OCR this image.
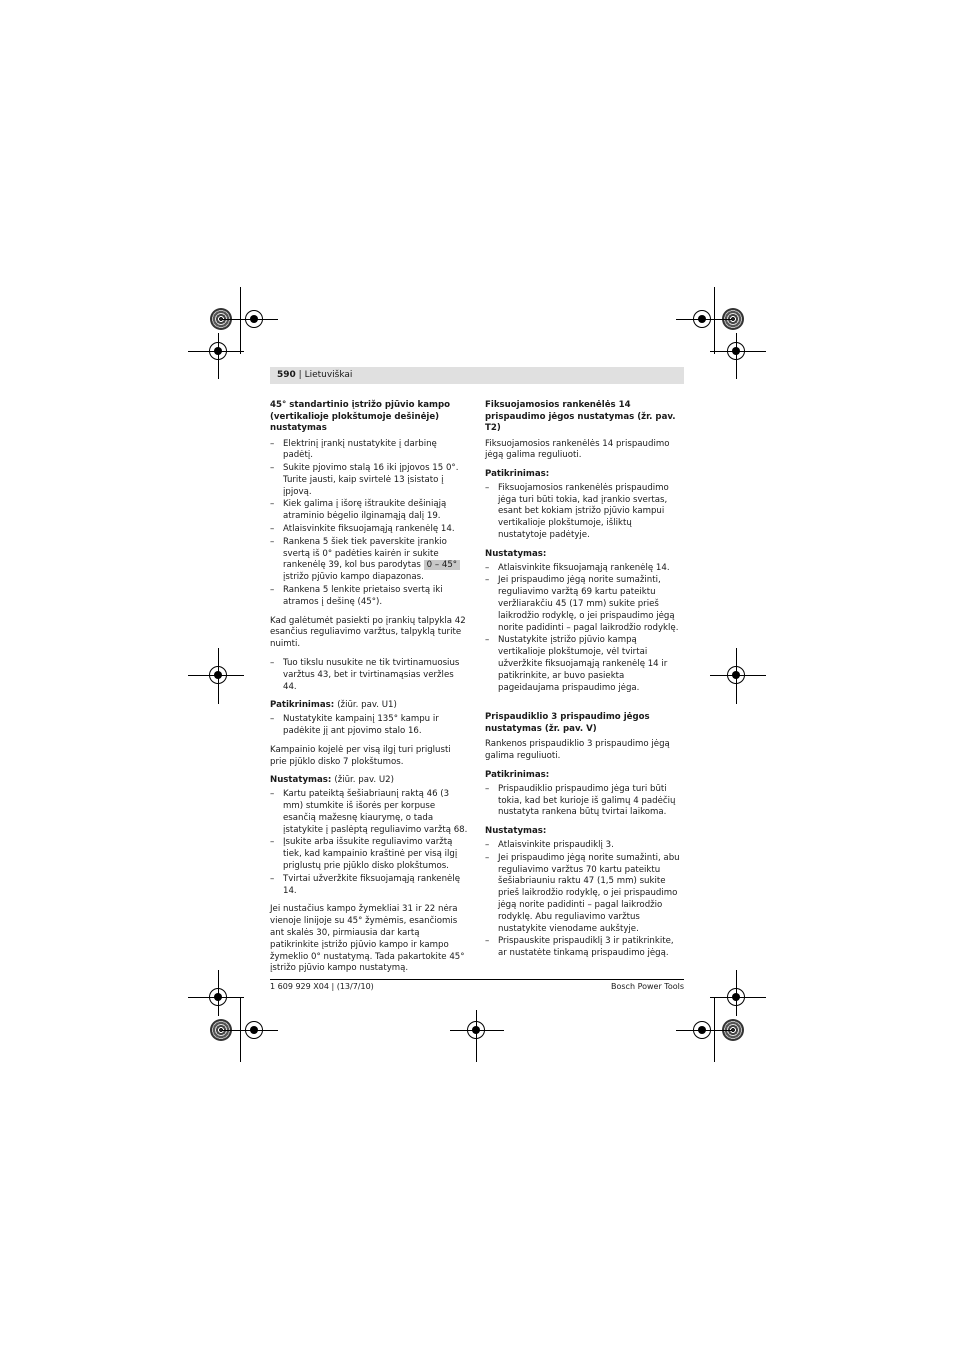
590 | Lietuviškai
45° standartinio įstrižo pjūvio kampo (vertikalioje plokštumoje dešinėje) nustatymas
– Elektrinį įrankį nustatykite į darbinę padėtį.
– Sukite pjovimo stalą 16 iki įpjovos 15 0°. Turite jausti, kaip svirtelė 13 įsistato į įpjovą.
– Kiek galima į išorę ištraukite dešiniąją atraminio bėgelio ilginamąją dalį 19.
– Atlaisvinkite fiksuojamąją rankenėlę 14.
– Rankena 5 šiek tiek paverskite įrankio svertą iš 0° padėties kairėn ir sukite rankenėlę 39, kol bus parodytas 0 – 45° įstrižo pjūvio kampo diapazonas.
– Rankena 5 lenkite prietaiso svertą iki atramos į dešinę (45°).

Kad galėtumėt pasiekti po įrankių talpykla 42 esančius reguliavimo varžtus, talpyklą turite nuimti.

– Tuo tikslu nusukite ne tik tvirtinamuosius varžtus 43, bet ir tvirtinamąsias veržles 44.

Patikrinimas: (žiūr. pav. U1)

– Nustatykite kampainį 135° kampu ir padėkite jį ant pjovimo stalo 16.

Kampainio kojelė per visą ilgį turi priglusti prie pjūklo disko 7 plokštumos.

Nustatymas: (žiūr. pav. U2)

– Kartu pateiktą šešiabriaunį raktą 46 (3 mm) stumkite iš išorės per korpuse esančią mažesnę kiaurymę, o tada įstatykite į paslėptą reguliavimo varžtą 68.
– Įsukite arba išsukite reguliavimo varžtą tiek, kad kampainio kraštinė per visą ilgį priglustų prie pjūklo disko plokštumos.
– Tvirtai užveržkite fiksuojamąją rankenėlę 14.

Jei nustačius kampo žymekliai 31 ir 22 nėra vienoje linijoje su 45° žymėmis, esančiomis ant skalės 30, pirmiausia dar kartą patikrinkite įstrižo pjūvio kampo ir kampo žymeklio 0° nustatymą. Tada pakartokite 45° įstrižo pjūvio kampo nustatymą.

Fiksuojamosios rankenėlės 14 prispaudimo jėgos nustatymas (žr. pav. T2)

Fiksuojamosios rankenėlės 14 prispaudimo jėgą galima reguliuoti.

Patikrinimas:

– Fiksuojamosios rankenėlės prispaudimo jėga turi būti tokia, kad įrankio svertas, esant bet kokiam įstrižo pjūvio kampui vertikalioje plokštumoje, išliktų nustatytoje padėtyje.

Nustatymas:

– Atlaisvinkite fiksuojamąją rankenėlę 14.
– Jei prispaudimo jėgą norite sumažinti, reguliavimo varžtą 69 kartu pateiktu veržliarakčiu 45 (17 mm) sukite prieš laikrodžio rodyklę, o jei prispaudimo jėgą norite padidinti – pagal laikrodžio rodyklę.
– Nustatykite įstrižo pjūvio kampą vertikalioje plokštumoje, vėl tvirtai užveržkite fiksuojamąją rankenėlę 14 ir patikrinkite, ar buvo pasiekta pageidaujama prispaudimo jėga.
Prispaudiklio 3 prispaudimo jėgos nustatymas (žr. pav. V)

Rankenos prispaudiklio 3 prispaudimo jėgą galima reguliuoti.

Patikrinimas:

– Prispaudiklio prispaudimo jėga turi būti tokia, kad bet kurioje iš galimų 4 padėčių nustatyta rankena būtų tvirtai laikoma.

Nustatymas:

– Atlaisvinkite prispaudiklį 3.
– Jei prispaudimo jėgą norite sumažinti, abu reguliavimo varžtus 70 kartu pateiktu šešiabriauniu raktu 47 (1,5 mm) sukite prieš laikrodžio rodyklę, o jei prispaudimo jėgą norite padidinti – pagal laikrodžio rodyklę. Abu reguliavimo varžtus nustatykite vienodame aukštyje.
– Prispauskite prispaudiklį 3 ir patikrinkite, ar nustatėte tinkamą prispaudimo jėgą.
1 609 929 X04 | (13/7/10)	Bosch Power Tools
